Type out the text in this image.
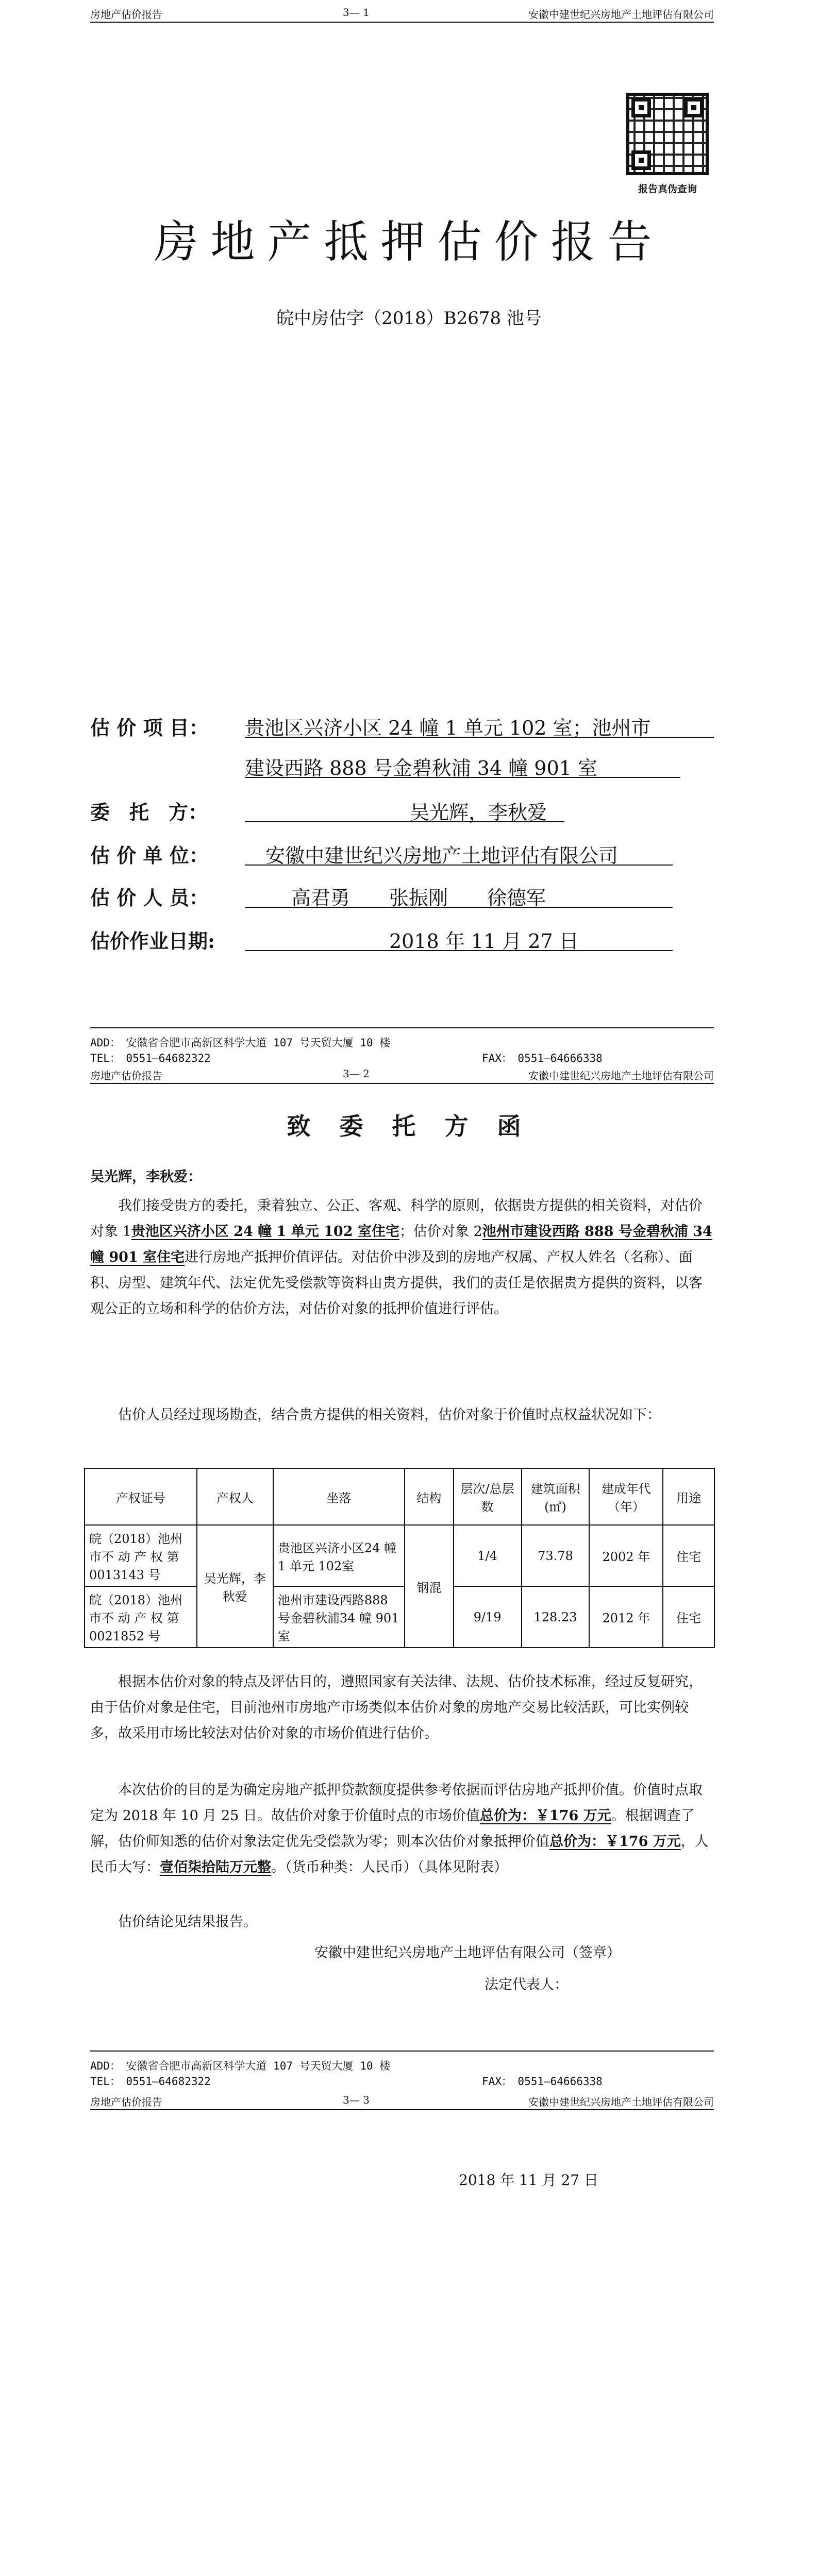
房地产估价报告	3— 1	安徽中建世纪兴房地产土地评估有限公司
报告真伪查询
房地产抵押估价报告
皖中房估字（2018）B2678 池号
估 价 项 目： 贵池区兴济小区 24 幢 1 单元 102 室；池州市
建设西路 888 号金碧秋浦 34 幢 901 室
委　托　方：	吴光辉，李秋爱
估 价 单 位：	安徽中建世纪兴房地产土地评估有限公司
估 价 人 员：	高君勇　　张振刚　　徐德军
估价作业日期:	2018 年 11 月 27 日
ADD：　安徽省合肥市高新区科学大道 107 号天贸大厦 10 楼
TEL：　0551—64682322	FAX：　0551—64666338
房地产估价报告	3— 2	安徽中建世纪兴房地产土地评估有限公司
致 委 托 方 函

吴光辉，李秋爱：

我们接受贵方的委托，秉着独立、公正、客观、科学的原则，依据贵方提供的相关资料，对估价对象 1贵池区兴济小区 24 幢 1 单元 102 室住宅；估价对象 2池州市建设西路 888 号金碧秋浦 34 幢 901 室住宅进行房地产抵押价值评估。对估价中涉及到的房地产权属、产权人姓名（名称）、面积、房型、建筑年代、法定优先受偿款等资料由贵方提供，我们的责任是依据贵方提供的资料，以客观公正的立场和科学的估价方法，对估价对象的抵押价值进行评估。

估价人员经过现场勘查，结合贵方提供的相关资料，估价对象于价值时点权益状况如下：

产权证号	产权人	坐落	结构	层次/总层数	建筑面积(㎡)	建成年代（年）	用途
皖（2018）池州市不 动 产 权 第0013143 号	吴光辉，李秋爱	贵池区兴济小区24 幢 1 单元 102室	钢混	1/4	73.78	2002 年	住宅
皖（2018）池州市不 动 产 权 第0021852 号		池州市建设西路888 号金碧秋浦34 幢 901 室		9/19	128.23	2012 年	住宅

根据本估价对象的特点及评估目的，遵照国家有关法律、法规、估价技术标准，经过反复研究，由于估价对象是住宅，目前池州市房地产市场类似本估价对象的房地产交易比较活跃，可比实例较多，故采用市场比较法对估价对象的市场价值进行估价。

本次估价的目的是为确定房地产抵押贷款额度提供参考依据而评估房地产抵押价值。价值时点取定为 2018 年 10 月 25 日。故估价对象于价值时点的市场价值总价为：￥176 万元。根据调查了解，估价师知悉的估价对象法定优先受偿款为零；则本次估价对象抵押价值总价为：￥176 万元，人民币大写：壹佰柒拾陆万元整。（货币种类：人民币）（具体见附表）

估价结论见结果报告。

安徽中建世纪兴房地产土地评估有限公司（签章）
法定代表人：
ADD：　安徽省合肥市高新区科学大道 107 号天贸大厦 10 楼
TEL：　0551—64682322	FAX：　0551—64666338
房地产估价报告	3— 3	安徽中建世纪兴房地产土地评估有限公司
2018 年 11 月 27 日
